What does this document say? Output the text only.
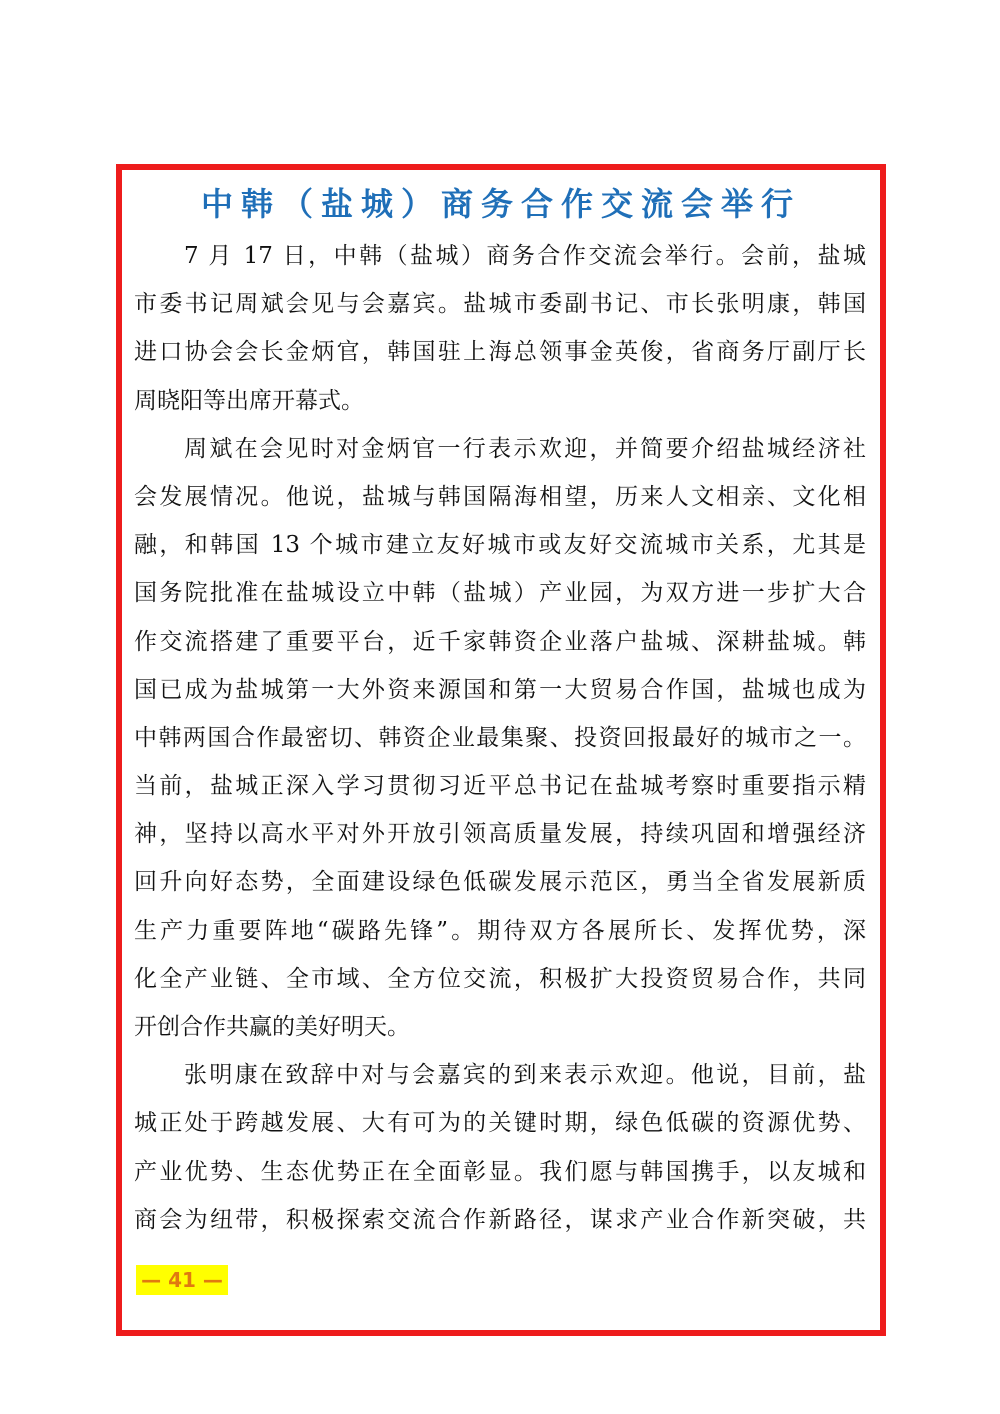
中韩（盐城）商务合作交流会举行
7 月 17 日，中韩（盐城）商务合作交流会举行。会前，盐城
市委书记周斌会见与会嘉宾。盐城市委副书记、市长张明康，韩国
进口协会会长金炳官，韩国驻上海总领事金英俊，省商务厅副厅长
周晓阳等出席开幕式。
周斌在会见时对金炳官一行表示欢迎，并简要介绍盐城经济社
会发展情况。他说，盐城与韩国隔海相望，历来人文相亲、文化相
融，和韩国 13 个城市建立友好城市或友好交流城市关系，尤其是
国务院批准在盐城设立中韩（盐城）产业园，为双方进一步扩大合
作交流搭建了重要平台，近千家韩资企业落户盐城、深耕盐城。韩
国已成为盐城第一大外资来源国和第一大贸易合作国，盐城也成为
中韩两国合作最密切、韩资企业最集聚、投资回报最好的城市之一。
当前，盐城正深入学习贯彻习近平总书记在盐城考察时重要指示精
神，坚持以高水平对外开放引领高质量发展，持续巩固和增强经济
回升向好态势，全面建设绿色低碳发展示范区，勇当全省发展新质
生产力重要阵地“碳路先锋”。期待双方各展所长、发挥优势，深
化全产业链、全市域、全方位交流，积极扩大投资贸易合作，共同
开创合作共赢的美好明天。
张明康在致辞中对与会嘉宾的到来表示欢迎。他说，目前，盐
城正处于跨越发展、大有可为的关键时期，绿色低碳的资源优势、
产业优势、生态优势正在全面彰显。我们愿与韩国携手，以友城和
商会为纽带，积极探索交流合作新路径，谋求产业合作新突破，共
— 41 —
